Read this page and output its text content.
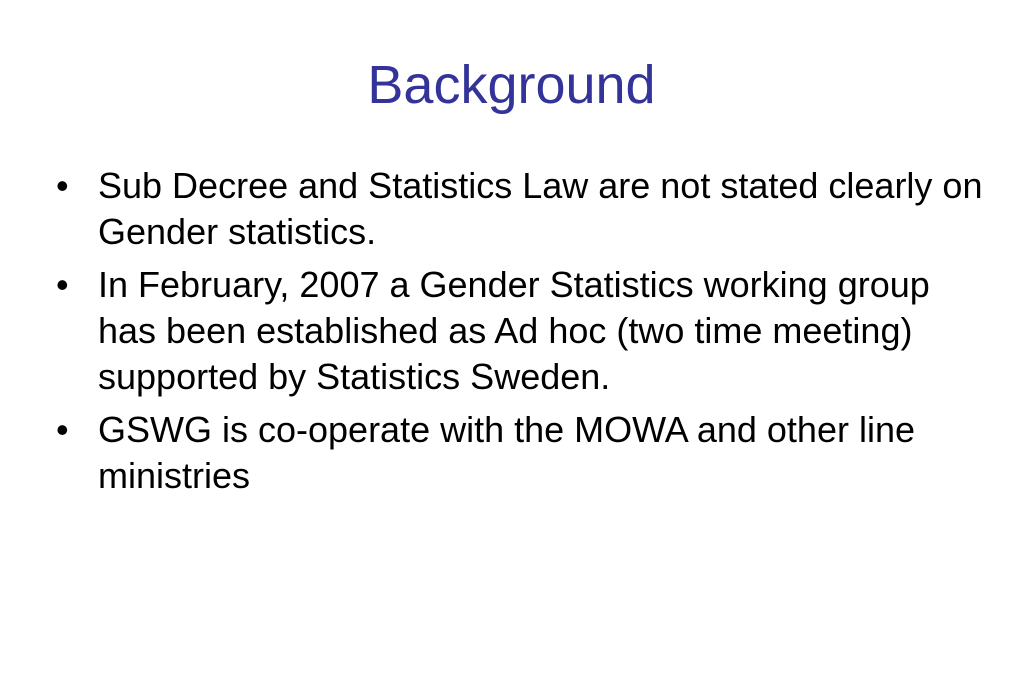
Background
• Sub Decree and Statistics Law are not stated clearly on Gender statistics.
• In February, 2007 a Gender Statistics working group has been established as Ad hoc (two time meeting) supported by Statistics Sweden.
• GSWG is co-operate with the MOWA and other line ministries
